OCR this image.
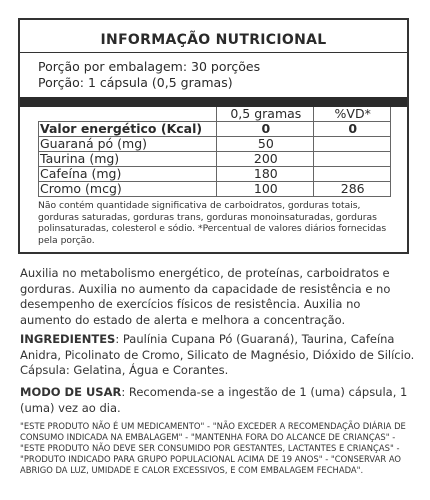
INFORMAÇÃO NUTRICIONAL
Porção por embalagem: 30 porções
Porção: 1 cápsula (0,5 gramas)
	0,5 gramas	%VD*
Valor energético (Kcal)	0	0
Guaraná pó (mg)	50	
Taurina (mg)	200	
Cafeína (mg)	180	
Cromo (mcg)	100	286
Não contém quantidade significativa de carboidratos, gorduras totais, gorduras saturadas, gorduras trans, gorduras monoinsaturadas, gorduras polinsaturadas, colesterol e sódio. *Percentual de valores diários fornecidas pela porção.
Auxilia no metabolismo energético, de proteínas, carboidratos e gorduras. Auxilia no aumento da capacidade de resistência e no desempenho de exercícios físicos de resistência. Auxilia no aumento do estado de alerta e melhora a concentração.
INGREDIENTES: Paulínia Cupana Pó (Guaraná), Taurina, Cafeína Anidra, Picolinato de Cromo, Silicato de Magnésio, Dióxido de Silício. Cápsula: Gelatina, Água e Corantes.
MODO DE USAR: Recomenda-se a ingestão de 1 (uma) cápsula, 1 (uma) vez ao dia.
"ESTE PRODUTO NÃO É UM MEDICAMENTO" - "NÃO EXCEDER A RECOMENDAÇÃO DIÁRIA DE CONSUMO INDICADA NA EMBALAGEM" - "MANTENHA FORA DO ALCANCE DE CRIANÇAS" - "ESTE PRODUTO NÃO DEVE SER CONSUMIDO POR GESTANTES, LACTANTES E CRIANÇAS" - "PRODUTO INDICADO PARA GRUPO POPULACIONAL ACIMA DE 19 ANOS" - "CONSERVAR AO ABRIGO DA LUZ, UMIDADE E CALOR EXCESSIVOS, E COM EMBALAGEM FECHADA".
